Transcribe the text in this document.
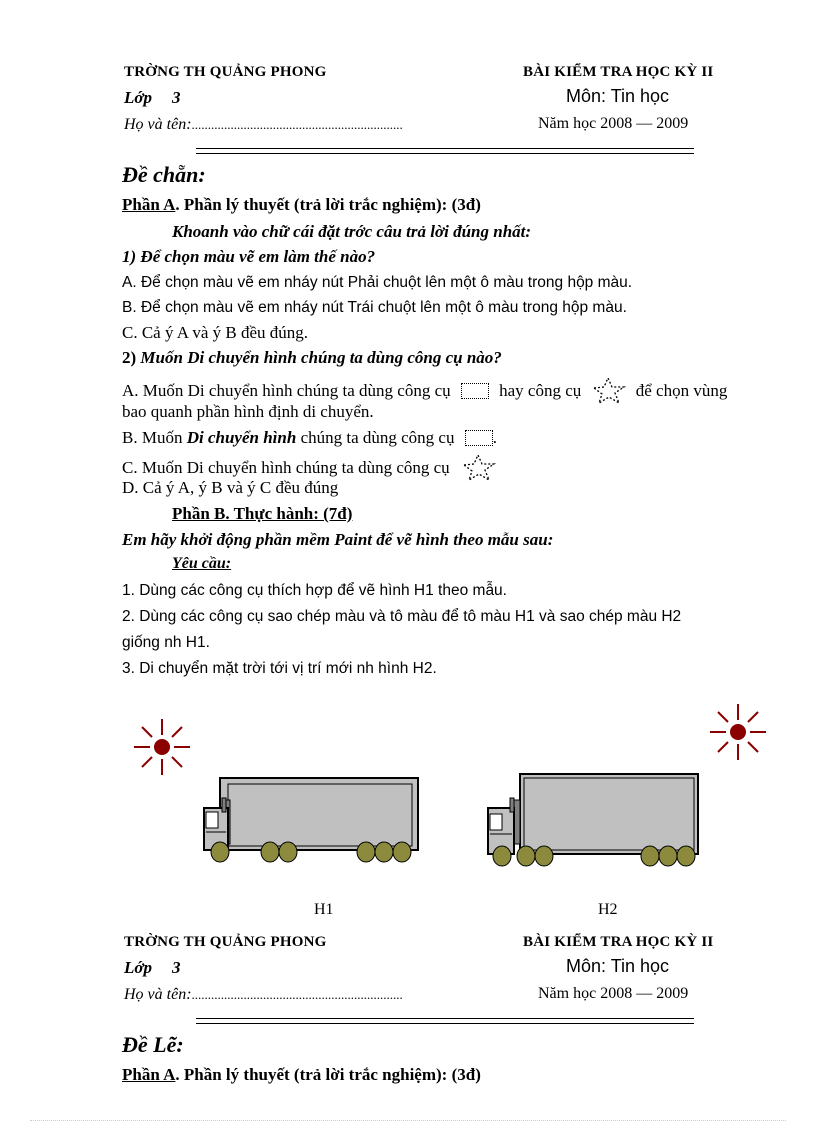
TRỜNG TH QUẢNG PHONG	BÀI KIỂM TRA HỌC KỲ II
Lớp 3	Môn: Tin học
Họ và tên:.................................................................	Năm học 2008 — 2009
Đề chẵn:
Phần A. Phần lý thuyết (trả lời trắc nghiệm): (3đ)
Khoanh vào chữ cái đặt trớc câu trả lời đúng nhất:
1) Để chọn màu vẽ em làm thế nào?
A. Để chọn màu vẽ em nháy nút Phải chuột lên một ô màu trong hộp màu.
B. Để chọn màu vẽ em nháy nút Trái chuột lên một ô màu trong hộp màu.
C. Cả ý A và ý B đều đúng.
2) Muốn Di chuyển hình chúng ta dùng công cụ nào?
A. Muốn Di chuyển hình chúng ta dùng công cụ	hay công cụ	để chọn vùng
bao quanh phần hình định di chuyển.
B. Muốn Di chuyển hình chúng ta dùng công cụ .
C. Muốn Di chuyển hình chúng ta dùng công cụ
D. Cả ý A, ý B và ý C đều đúng
Phần B. Thực hành: (7đ)
Em hãy khởi động phần mềm Paint để vẽ hình theo mẫu sau:
Yêu cầu:
1. Dùng các công cụ thích hợp để vẽ hình H1 theo mẫu.
2. Dùng các công cụ sao chép màu và tô màu để tô màu H1 và sao chép màu H2
giống nh H1.
3. Di chuyển mặt trời tới vị trí mới nh hình H2.
H1	H2
TRỜNG TH QUẢNG PHONG	BÀI KIỂM TRA HỌC KỲ II
Lớp 3	Môn: Tin học
Họ và tên:.................................................................	Năm học 2008 — 2009
Đề Lẽ:
Phần A. Phần lý thuyết (trả lời trắc nghiệm): (3đ)
